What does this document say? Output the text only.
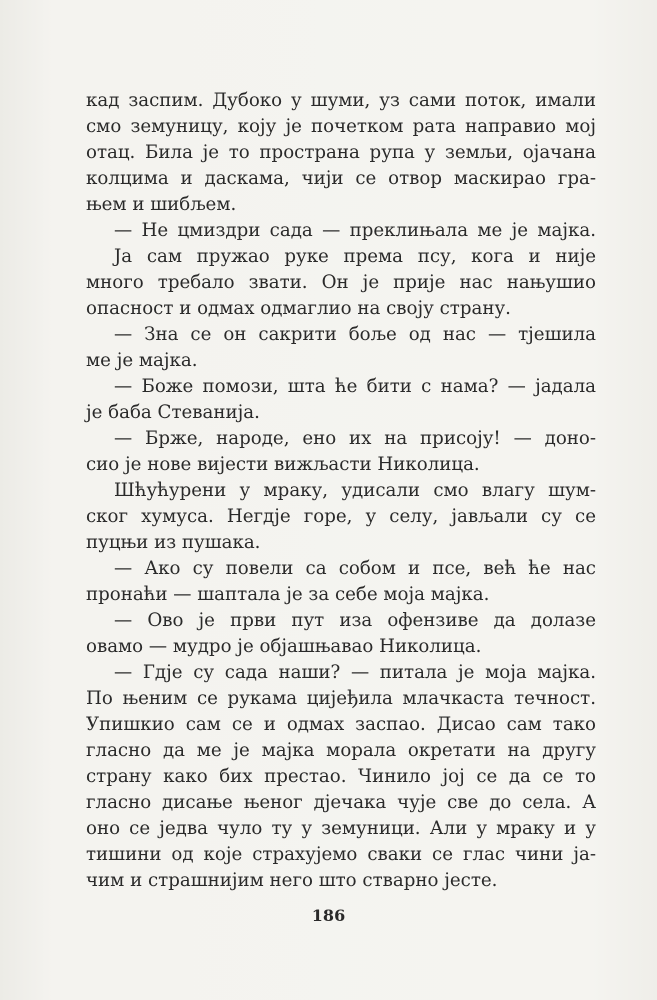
кад заспим. Дубоко у шуми, уз сами поток, имали
смо земуницу, коју је почетком рата направио мој
отац. Била је то пространа рупа у земљи, ојачана
колцима и даскама, чији се отвор маскирао гра-
њем и шибљем.
— Не цмиздри сада — преклињала ме је мајка.
Ја сам пружао руке према псу, кога и није
много требало звати. Он је прије нас нањушио
опасност и одмах одмаглио на своју страну.
— Зна се он сакрити боље од нас — тјешила
ме је мајка.
— Боже помози, шта ће бити с нама? — јадала
је баба Стеванија.
— Брже, народе, ено их на присоју! — доно-
сио је нове вијести вижљасти Николица.
Шћућурени у мраку, удисали смо влагу шум-
ског хумуса. Негдје горе, у селу, јављали су се
пуцњи из пушака.
— Ако су повели са собом и псе, већ ће нас
пронаћи — шаптала је за себе моја мајка.
— Ово је први пут иза офензиве да долазе
овамо — мудро је објашњавао Николица.
— Гдје су сада наши? — питала је моја мајка.
По њеним се рукама цијеђила млачкаста течност.
Упишкио сам се и одмах заспао. Дисао сам тако
гласно да ме је мајка морала окретати на другу
страну како бих престао. Чинило јој се да се то
гласно дисање њеног дјечака чује све до села. А
оно се једва чуло ту у земуници. Али у мраку и у
тишини од које страхујемо сваки се глас чини ја-
чим и страшнијим него што стварно јесте.
186
